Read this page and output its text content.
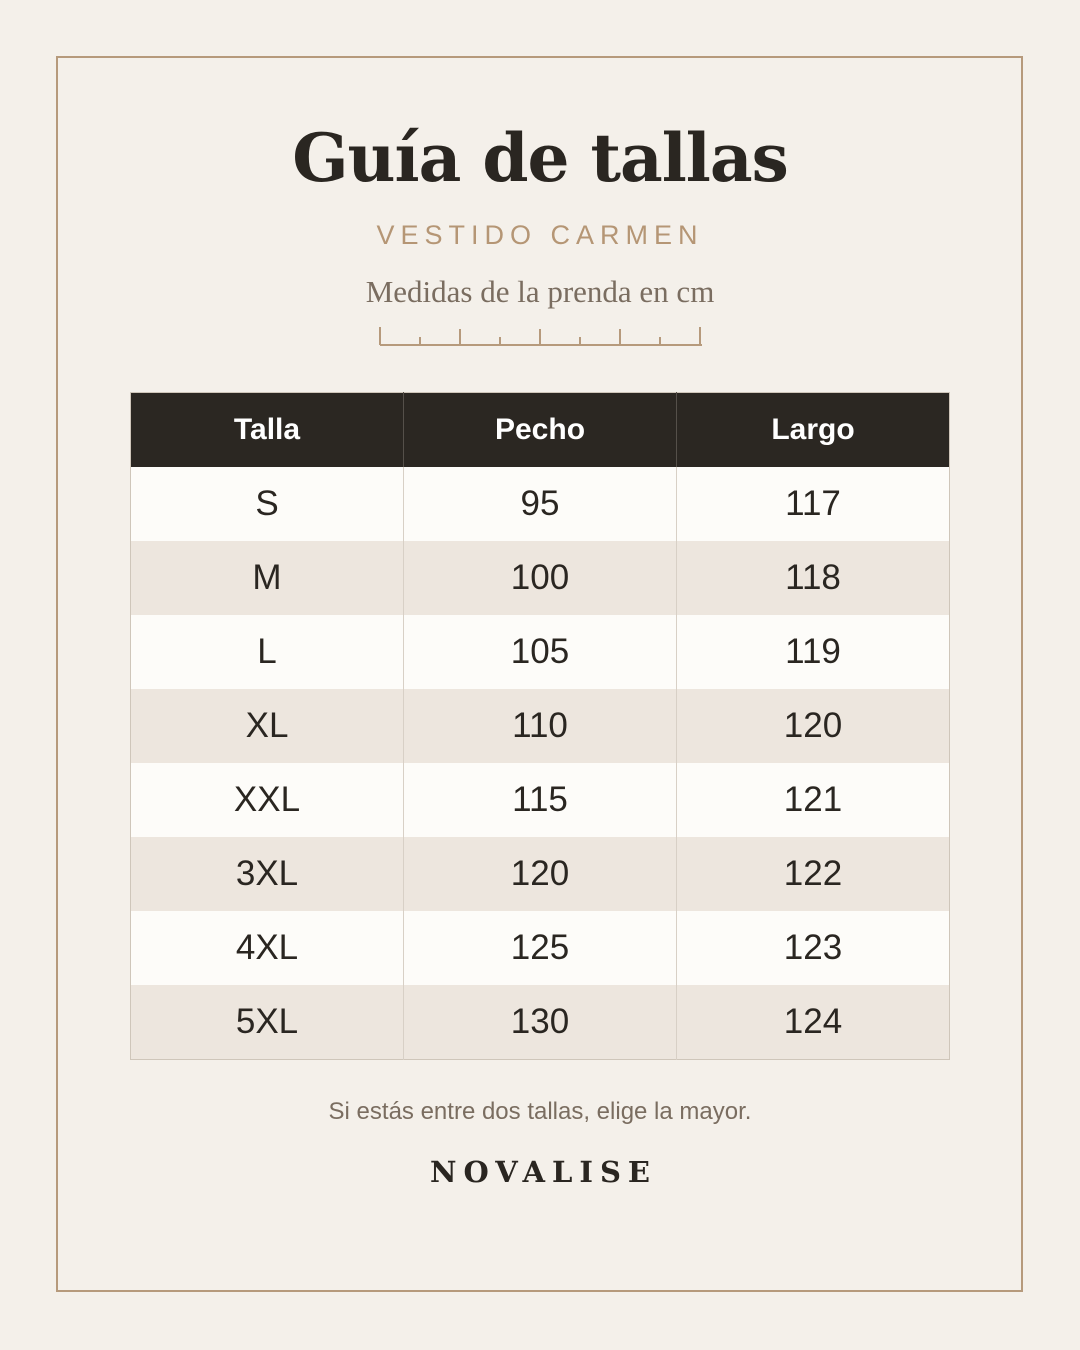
Guía de tallas
VESTIDO CARMEN
Medidas de la prenda en cm
Talla	Pecho	Largo
S	95	117
M	100	118
L	105	119
XL	110	120
XXL	115	121
3XL	120	122
4XL	125	123
5XL	130	124
Si estás entre dos tallas, elige la mayor.
NOVALISE
